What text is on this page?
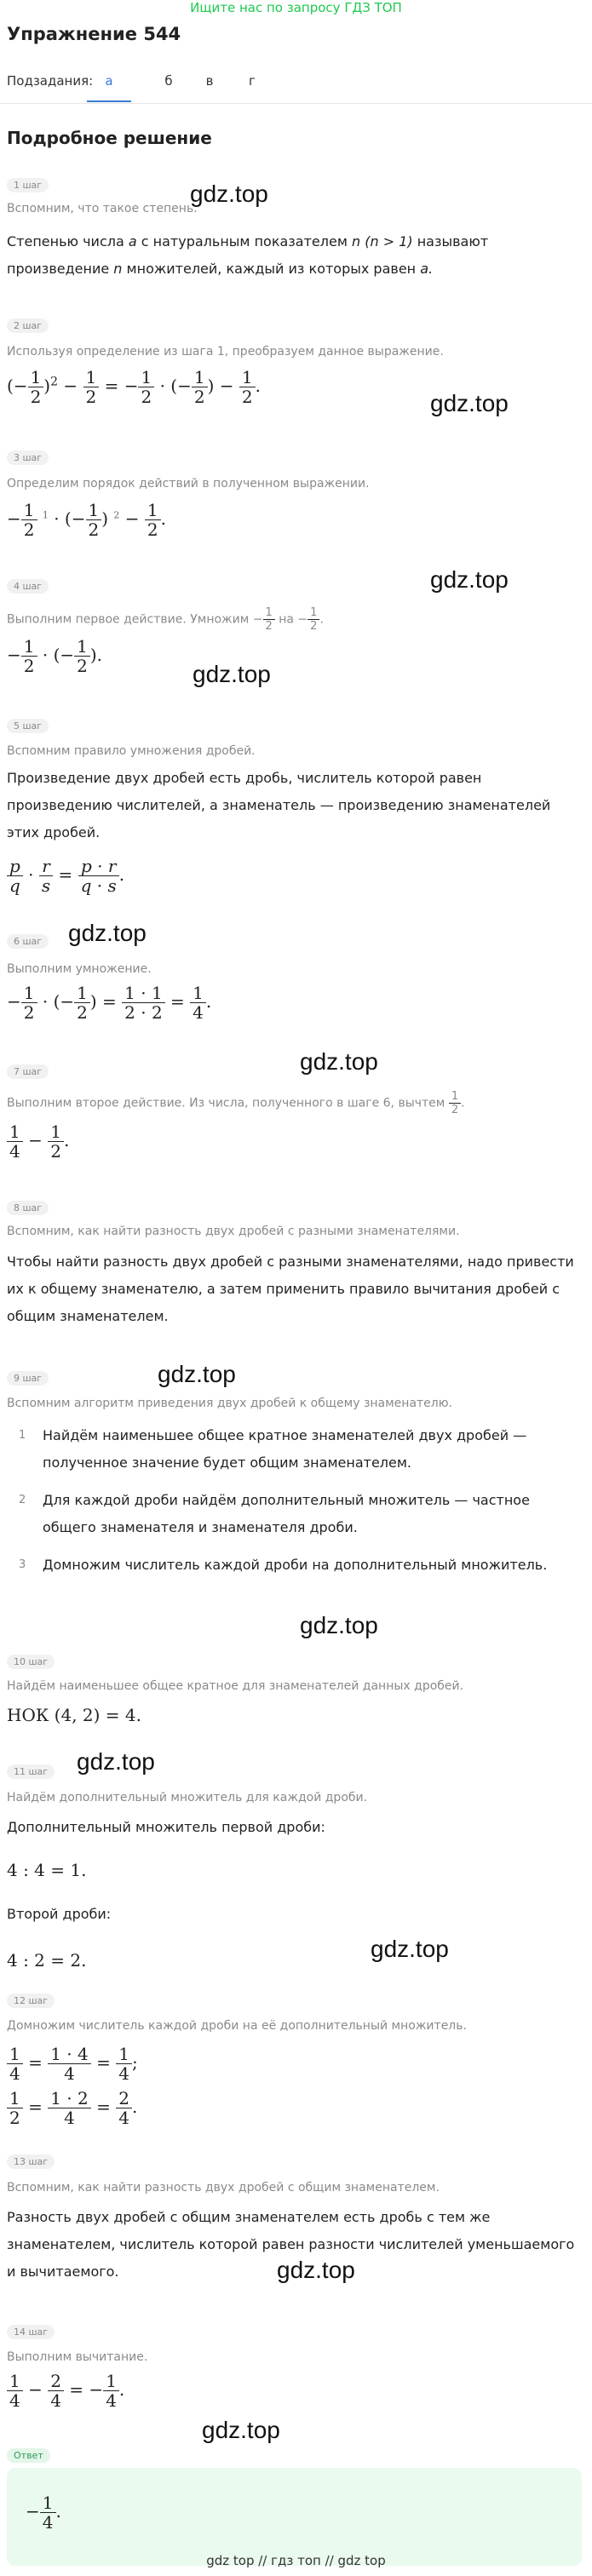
Ищите нас по запросу ГДЗ ТОП
Упражнение 544
Подзадания: а	б	в	г
Подробное решение
1 шаг
Вспомним, что такое степень.
Степенью числа a с натуральным показателем n (n > 1) называют
произведение n множителей, каждый из которых равен a.
gdz.top
2 шаг
Используя определение из шага 1, преобразуем данное выражение.
(− $\frac{1}{2} )^2 - \frac{1}{2}$ = − $\frac{1}{2}$ · (− $\frac{1}{2}$ ) − $\frac{1}{2}$ .
gdz.top
3 шаг
Определим порядок действий в полученном выражении.
− $\frac{1}{2} ^1$ · (− $\frac{1}{2}$ ) $^2 - \frac{1}{2}$ .
gdz.top
4 шаг
Выполним первое действие. Умножим − $\frac{1}{2}$ на − $\frac{1}{2}$ .
− $\frac{1}{2}$ · (− $\frac{1}{2}$ ).
gdz.top
5 шаг
Вспомним правило умножения дробей.
Произведение двух дробей есть дробь, числитель которой равен
произведению числителей, а знаменатель — произведению знаменателей
этих дробей.
$\frac{p}{q} \cdot \frac{r}{s} = \frac{p \cdot r}{q \cdot s}$ .
6 шаг gdz.top
Выполним умножение.
− $\frac{1}{2}$ · (− $\frac{1}{2}$ ) = $\frac{1 \cdot 1}{2 \cdot 2} = \frac{1}{4}$ .
gdz.top
7 шаг
Выполним второе действие. Из числа, полученного в шаге 6, вычтем $\frac{1}{2}$ .
$\frac{1}{4} - \frac{1}{2}$ .
8 шаг
Вспомним, как найти разность двух дробей с разными знаменателями.
Чтобы найти разность двух дробей с разными знаменателями, надо привести
их к общему знаменателю, а затем применить правило вычитания дробей с
общим знаменателем.
gdz.top
9 шаг
Вспомним алгоритм приведения двух дробей к общему знаменателю.
1 Найдём наименьшее общее кратное знаменателей двух дробей — полученное значение будет общим знаменателем.
2 Для каждой дроби найдём дополнительный множитель — частное общего знаменателя и знаменателя дроби.
3 Домножим числитель каждой дроби на дополнительный множитель.
gdz.top
10 шаг
Найдём наименьшее общее кратное для знаменателей данных дробей.
НОК (4, 2) = 4.
11 шаг gdz.top
Найдём дополнительный множитель для каждой дроби.
Дополнительный множитель первой дроби:
4 : 4 = 1.
Второй дроби:
4 : 2 = 2.	gdz.top
12 шаг
Домножим числитель каждой дроби на её дополнительный множитель.
$\frac{1}{4} = \frac{1 \cdot 4}{4} = \frac{1}{4}$ ;

$\frac{1}{2} = \frac{1 \cdot 2}{4} = \frac{2}{4}$ .
13 шаг
Вспомним, как найти разность двух дробей с общим знаменателем.
Разность двух дробей с общим знаменателем есть дробь с тем же
знаменателем, числитель которой равен разности числителей уменьшаемого
и вычитаемого.	gdz.top
14 шаг
Выполним вычитание.
$\frac{1}{4} - \frac{2}{4}$ = − $\frac{1}{4}$ .
gdz.top
Ответ
− $\frac{1}{4}$ .
gdz top // гдз топ // gdz top
